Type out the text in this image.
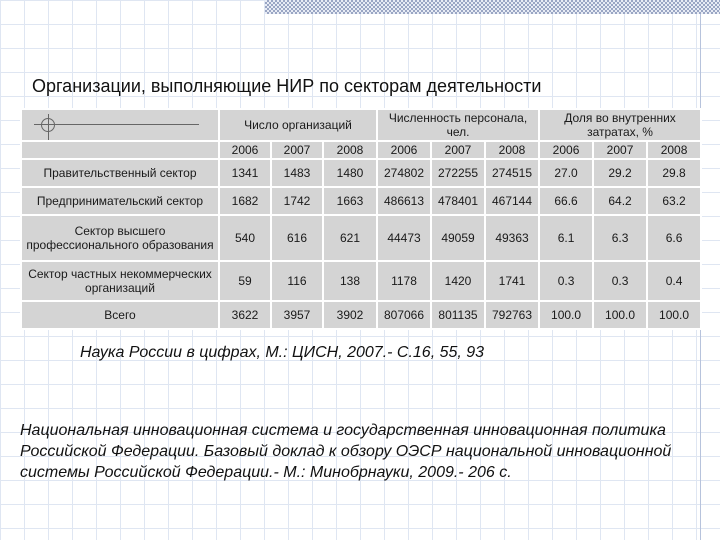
Организации, выполняющие НИР по секторам деятельности
	Число организаций			Численность персонала, чел.			Доля во внутренних затратах, %		
	2006	2007	2008	2006	2007	2008	2006	2007	2008
Правительственный сектор	1341	1483	1480	274802	272255	274515	27.0	29.2	29.8
Предпринимательский сектор	1682	1742	1663	486613	478401	467144	66.6	64.2	63.2
Сектор высшего профессионального образования	540	616	621	44473	49059	49363	6.1	6.3	6.6
Сектор частных некоммерческих организаций	59	116	138	1178	1420	1741	0.3	0.3	0.4
Всего	3622	3957	3902	807066	801135	792763	100.0	100.0	100.0

Наука России в цифрах, М.: ЦИСН, 2007.- С.16, 55, 93

Национальная инновационная система и государственная инновационная политика Российской Федерации. Базовый доклад к обзору ОЭСР национальной инновационной системы Российской Федерации.- М.: Минобрнауки, 2009.- 206 с.
